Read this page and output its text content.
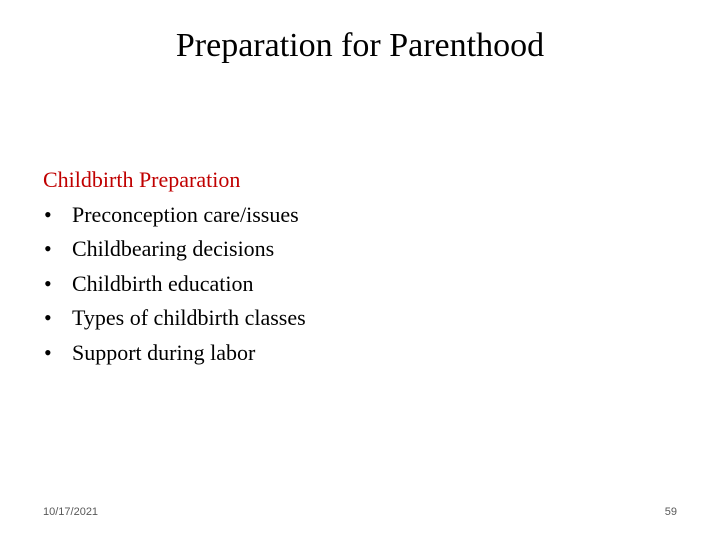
Preparation for Parenthood

Childbirth Preparation

• Preconception care/issues
• Childbearing decisions
• Childbirth education
• Types of childbirth classes
• Support during labor
10/17/2021	59
